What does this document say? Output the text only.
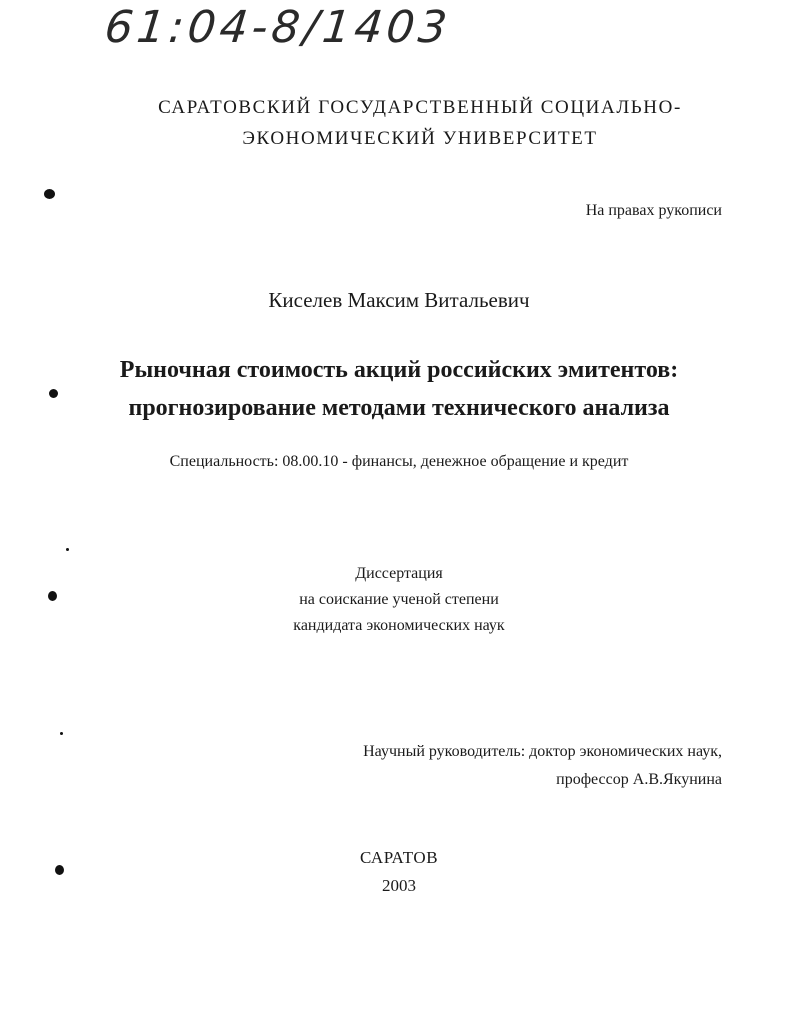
61:04-8/1403
САРАТОВСКИЙ ГОСУДАРСТВЕННЫЙ СОЦИАЛЬНО-
ЭКОНОМИЧЕСКИЙ УНИВЕРСИТЕТ
На правах рукописи
Киселев Максим Витальевич
Рыночная стоимость акций российских эмитентов:
прогнозирование методами технического анализа
Специальность: 08.00.10 - финансы, денежное обращение и кредит
Диссертация
на соискание ученой степени
кандидата экономических наук
Научный руководитель: доктор экономических наук,
профессор А.В.Якунина
САРАТОВ
2003
